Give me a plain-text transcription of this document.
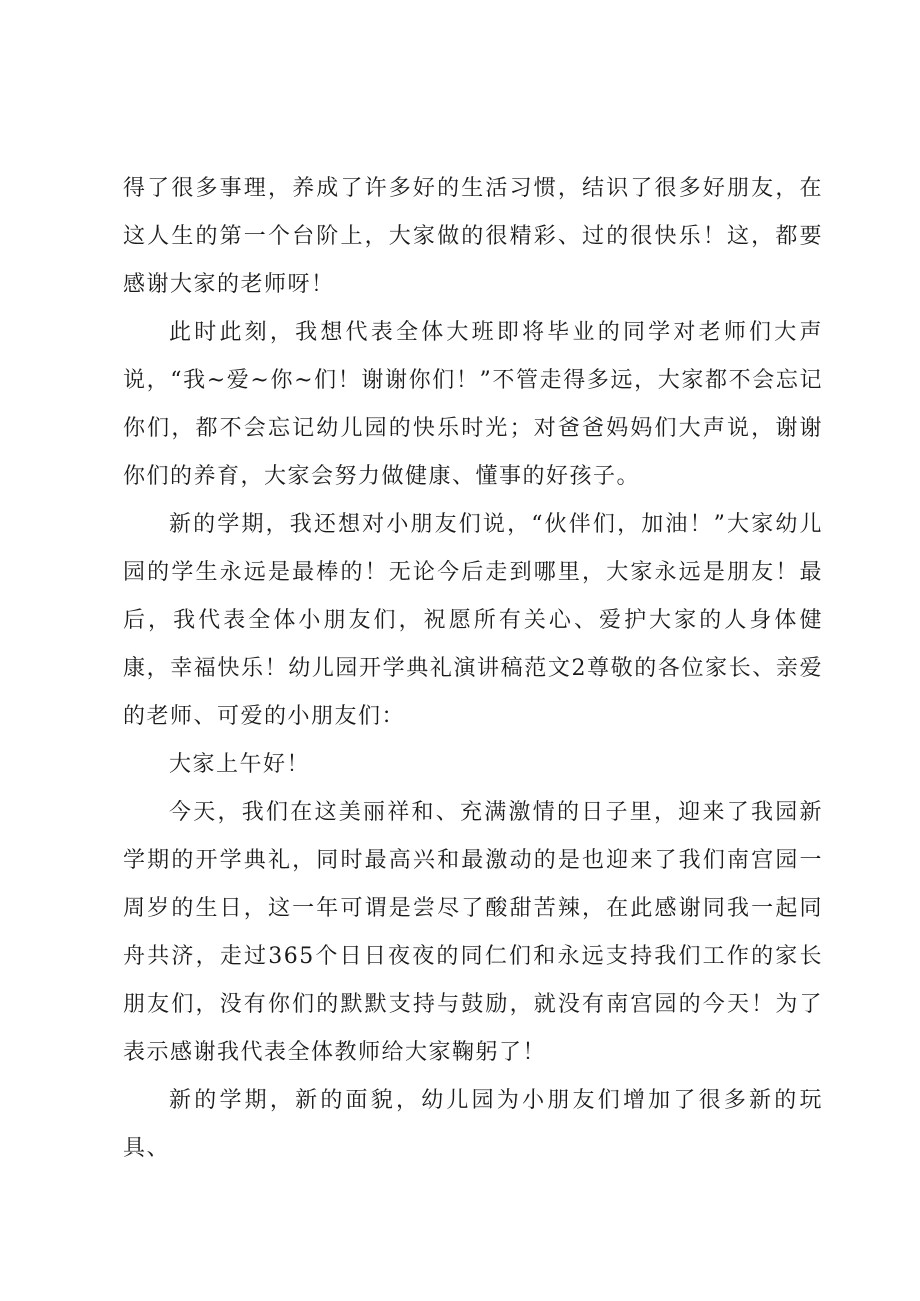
得了很多事理，养成了许多好的生活习惯，结识了很多好朋友，在这人生的第一个台阶上，大家做的很精彩、过的很快乐！这，都要感谢大家的老师呀！

此时此刻，我想代表全体大班即将毕业的同学对老师们大声说，“我~爱~你~们！谢谢你们！”不管走得多远，大家都不会忘记你们，都不会忘记幼儿园的快乐时光；对爸爸妈妈们大声说，谢谢你们的养育，大家会努力做健康、懂事的好孩子。

新的学期，我还想对小朋友们说，“伙伴们，加油！”大家幼儿园的学生永远是最棒的！无论今后走到哪里，大家永远是朋友！最后，我代表全体小朋友们，祝愿所有关心、爱护大家的人身体健康，幸福快乐！幼儿园开学典礼演讲稿范文2尊敬的各位家长、亲爱的老师、可爱的小朋友们：

大家上午好！

今天，我们在这美丽祥和、充满激情的日子里，迎来了我园新学期的开学典礼，同时最高兴和最激动的是也迎来了我们南宫园一周岁的生日，这一年可谓是尝尽了酸甜苦辣，在此感谢同我一起同舟共济，走过365个日日夜夜的同仁们和永远支持我们工作的家长朋友们，没有你们的默默支持与鼓励，就没有南宫园的今天！为了表示感谢我代表全体教师给大家鞠躬了！

新的学期，新的面貌，幼儿园为小朋友们增加了很多新的玩具、
